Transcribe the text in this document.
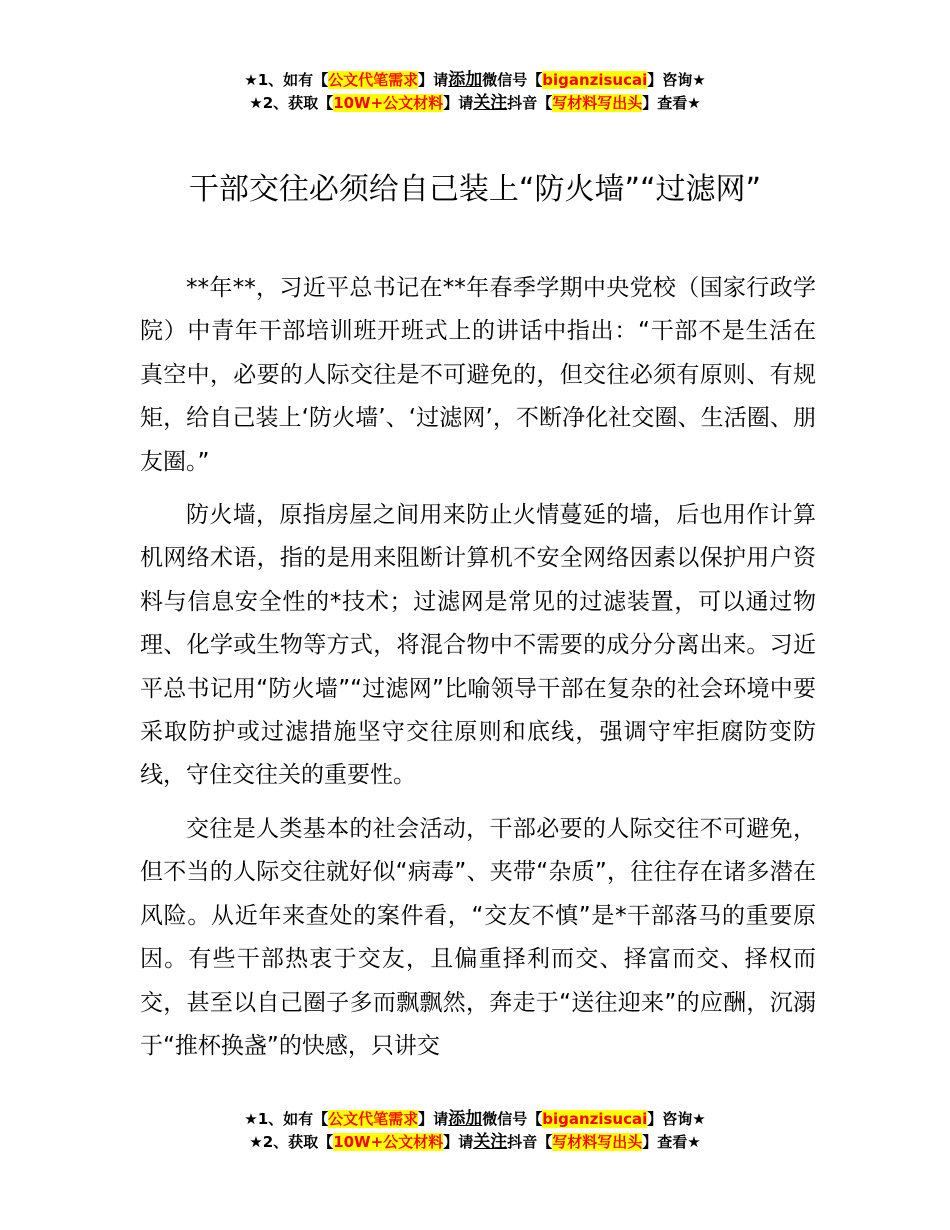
★1、如有【公文代笔需求】请添加微信号【biganzisucai】咨询★
★2、获取【10W+公文材料】请关注抖音【写材料写出头】查看★
干部交往必须给自己装上“防火墙”“过滤网”

**年**，习近平总书记在**年春季学期中央党校（国家行政学院）中青年干部培训班开班式上的讲话中指出：“干部不是生活在真空中，必要的人际交往是不可避免的，但交往必须有原则、有规矩，给自己装上‘防火墙’、‘过滤网’，不断净化社交圈、生活圈、朋友圈。”

防火墙，原指房屋之间用来防止火情蔓延的墙，后也用作计算机网络术语，指的是用来阻断计算机不安全网络因素以保护用户资料与信息安全性的*技术；过滤网是常见的过滤装置，可以通过物理、化学或生物等方式，将混合物中不需要的成分分离出来。习近平总书记用“防火墙”“过滤网”比喻领导干部在复杂的社会环境中要采取防护或过滤措施坚守交往原则和底线，强调守牢拒腐防变防线，守住交往关的重要性。

交往是人类基本的社会活动，干部必要的人际交往不可避免，但不当的人际交往就好似“病毒”、夹带“杂质”，往往存在诸多潜在风险。从近年来查处的案件看，“交友不慎”是*干部落马的重要原因。有些干部热衷于交友，且偏重择利而交、择富而交、择权而交，甚至以自己圈子多而飘飘然，奔走于“送往迎来”的应酬，沉溺于“推杯换盏”的快感，只讲交

★1、如有【公文代笔需求】请添加微信号【biganzisucai】咨询★
★2、获取【10W+公文材料】请关注抖音【写材料写出头】查看★
